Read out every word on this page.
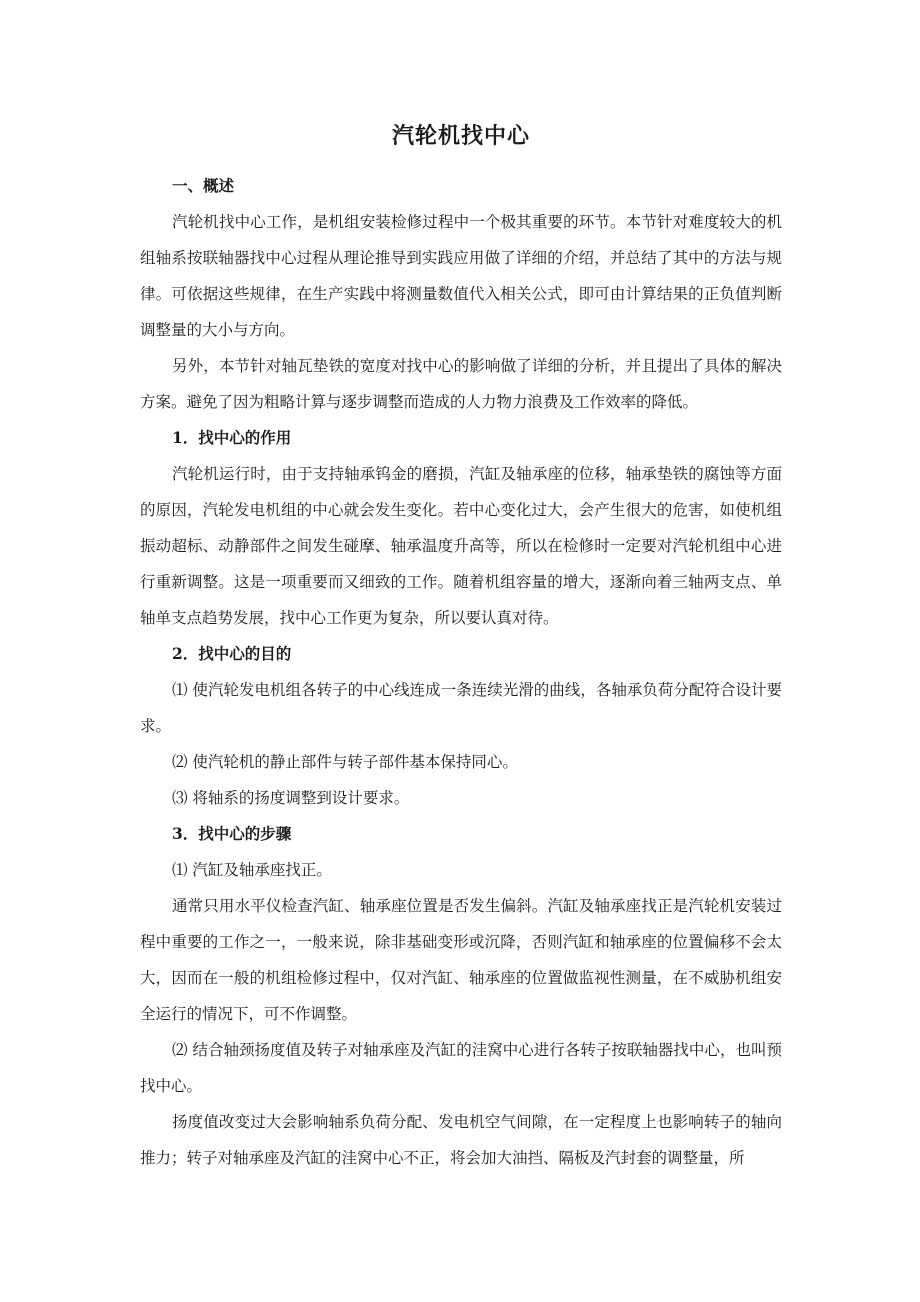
汽轮机找中心

一、概述

汽轮机找中心工作，是机组安装检修过程中一个极其重要的环节。本节针对难度较大的机组轴系按联轴器找中心过程从理论推导到实践应用做了详细的介绍，并总结了其中的方法与规律。可依据这些规律，在生产实践中将测量数值代入相关公式，即可由计算结果的正负值判断调整量的大小与方向。

另外，本节针对轴瓦垫铁的宽度对找中心的影响做了详细的分析，并且提出了具体的解决方案。避免了因为粗略计算与逐步调整而造成的人力物力浪费及工作效率的降低。

1．找中心的作用

汽轮机运行时，由于支持轴承钨金的磨损，汽缸及轴承座的位移，轴承垫铁的腐蚀等方面的原因，汽轮发电机组的中心就会发生变化。若中心变化过大，会产生很大的危害，如使机组振动超标、动静部件之间发生碰摩、轴承温度升高等，所以在检修时一定要对汽轮机组中心进行重新调整。这是一项重要而又细致的工作。随着机组容量的增大，逐渐向着三轴两支点、单轴单支点趋势发展，找中心工作更为复杂，所以要认真对待。

2．找中心的目的

⑴ 使汽轮发电机组各转子的中心线连成一条连续光滑的曲线，各轴承负荷分配符合设计要求。

⑵ 使汽轮机的静止部件与转子部件基本保持同心。

⑶ 将轴系的扬度调整到设计要求。

3．找中心的步骤

⑴ 汽缸及轴承座找正。

通常只用水平仪检查汽缸、轴承座位置是否发生偏斜。汽缸及轴承座找正是汽轮机安装过程中重要的工作之一，一般来说，除非基础变形或沉降，否则汽缸和轴承座的位置偏移不会太大，因而在一般的机组检修过程中，仅对汽缸、轴承座的位置做监视性测量，在不威胁机组安全运行的情况下，可不作调整。

⑵ 结合轴颈扬度值及转子对轴承座及汽缸的洼窝中心进行各转子按联轴器找中心，也叫预找中心。

扬度值改变过大会影响轴系负荷分配、发电机空气间隙，在一定程度上也影响转子的轴向推力；转子对轴承座及汽缸的洼窝中心不正，将会加大油挡、隔板及汽封套的调整量，所
